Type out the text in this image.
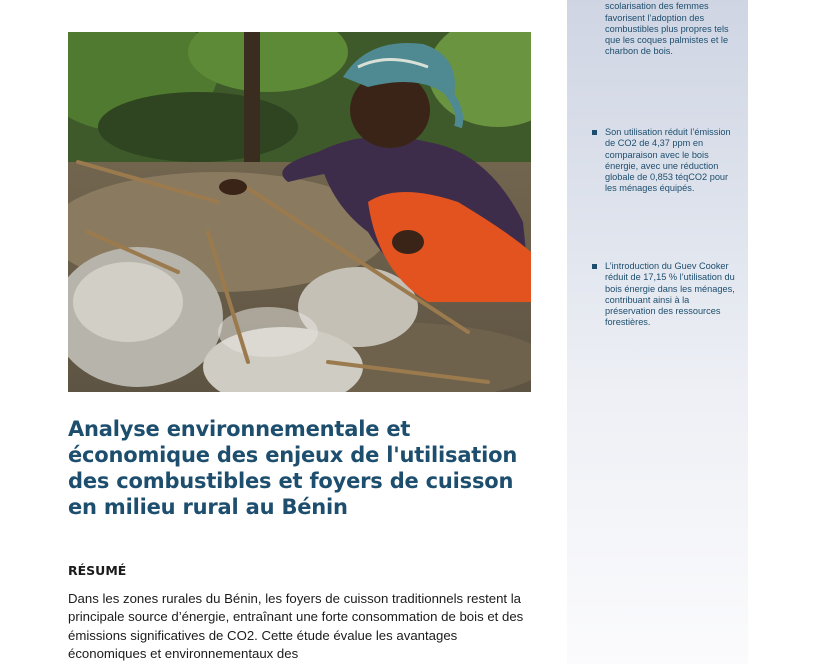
Analyse environnementale et économique des enjeux de l'utilisation des combustibles et foyers de cuisson en milieu rural au Bénin
RÉSUMÉ

Dans les zones rurales du Bénin, les foyers de cuisson traditionnels restent la principale source d’énergie, entraînant une forte consommation de bois et des émissions significatives de CO2. Cette étude évalue les avantages économiques et environnementaux des

scolarisation des femmes favorisent l’adoption des combustibles plus propres tels que les coques palmistes et le charbon de bois.

Son utilisation réduit l’émission de CO2 de 4,37 ppm en comparaison avec le bois énergie, avec une réduction globale de 0,853 téqCO2 pour les ménages équipés.

L’introduction du Guev Cooker réduit de 17,15 % l’utilisation du bois énergie dans les ménages, contribuant ainsi à la préservation des ressources forestières.
